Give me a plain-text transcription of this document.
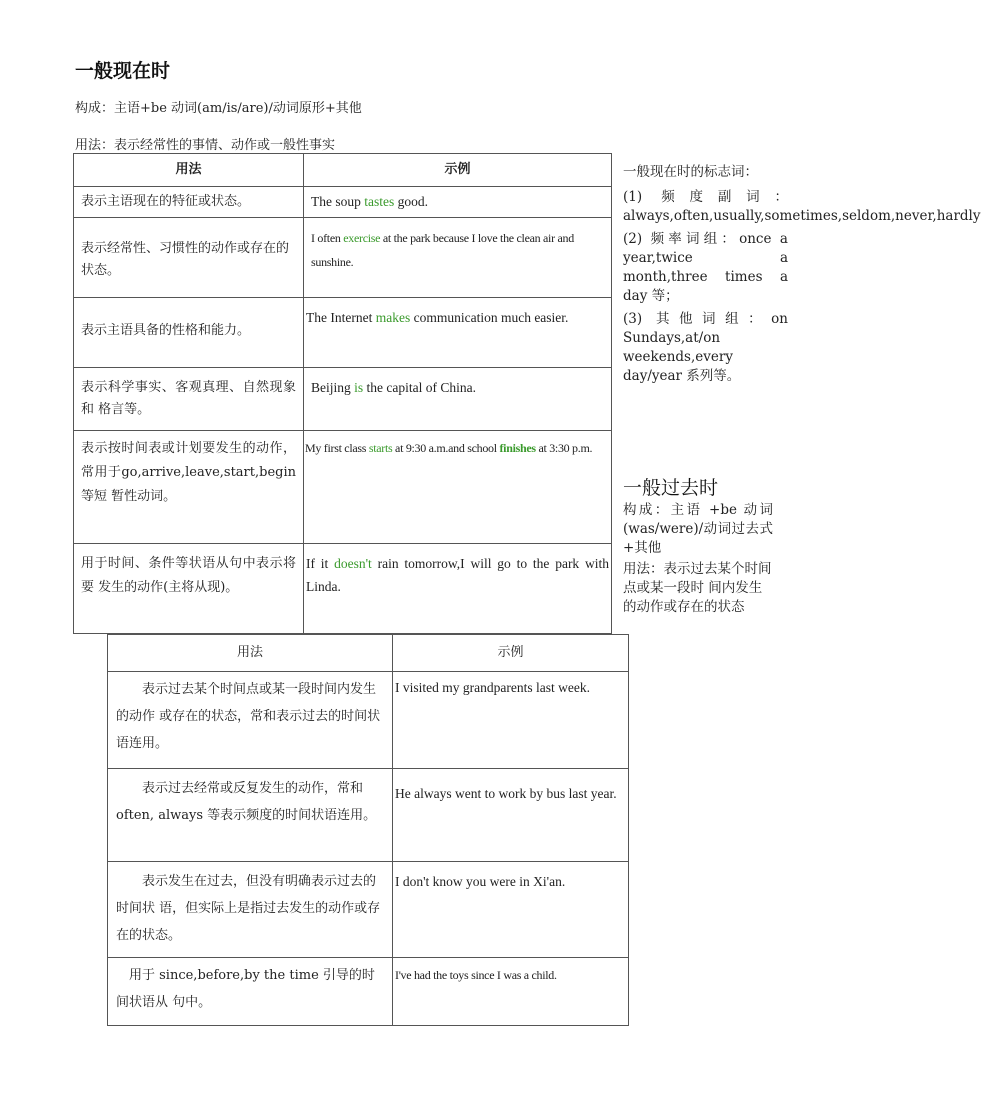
一般现在时
构成：主语+be 动词(am/is/are)/动词原形+其他
用法：表示经常性的事情、动作或一般性事实
用法	示例

表示主语现在的特征或状态。	The soup tastes good.

表示经常性、习惯性的动作或存在的 状态。	I often exercise at the park because I love the clean air and sunshine.

表示主语具备的性格和能力。	The Internet makes communication much easier.

表示科学事实、客观真理、自然现象和 格言等。	Beijing is the capital of China.

表示按时间表或计划要发生的动作，常用于go,arrive,leave,start,begin 等短 暂性动词。	My first class starts at 9:30 a.m.and school finishes at 3:30 p.m.

用于时间、条件等状语从句中表示将要 发生的动作(主将从现)。	If it doesn't rain tomorrow,I will go to the park with Linda.
一般现在时的标志词：
(1) 频度副词：always,often,usually,sometimes,seldom,never,hardly
(2) 频率词组：once a year,twice a month,three times a day 等；
(3) 其他词组：on Sundays,at/on weekends,every day/year 系列等。
一般过去时
构成：主语 +be 动词(was/were)/动词过去式+其他
用法：表示过去某个时间点或某一段时 间内发生的动作或存在的状态
用法	示例

表示过去某个时间点或某一段时间内发生的动作 或存在的状态，常和表示过去的时间状语连用。	I visited my grandparents last week.

表示过去经常或反复发生的动作，常和 often, always 等表示频度的时间状语连用。	He always went to work by bus last year.

表示发生在过去，但没有明确表示过去的时间状 语，但实际上是指过去发生的动作或存在的状态。	I don't know you were in Xi'an.

用于 since,before,by the time 引导的时间状语从 句中。	I've had the toys since I was a child.
